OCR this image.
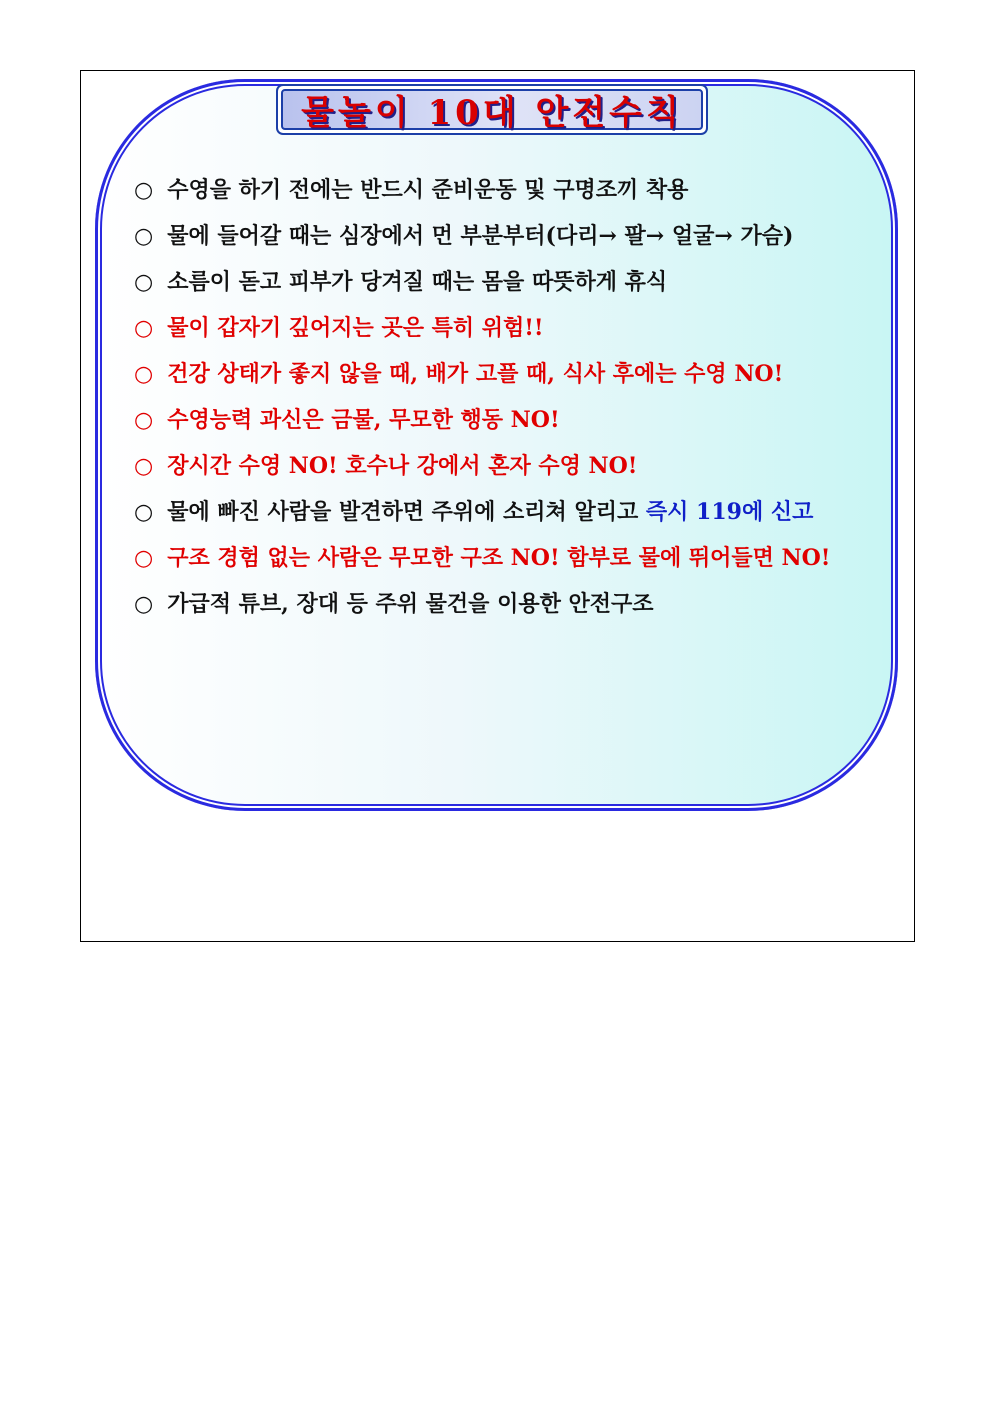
물놀이 10대 안전수칙
○ 수영을 하기 전에는 반드시 준비운동 및 구명조끼 착용
○ 물에 들어갈 때는 심장에서 먼 부분부터(다리→ 팔→ 얼굴→ 가슴)
○ 소름이 돋고 피부가 당겨질 때는 몸을 따뜻하게 휴식
○ 물이 갑자기 깊어지는 곳은 특히 위험!!
○ 건강 상태가 좋지 않을 때, 배가 고플 때, 식사 후에는 수영 NO!
○ 수영능력 과신은 금물, 무모한 행동 NO!
○ 장시간 수영 NO! 호수나 강에서 혼자 수영 NO!
○ 물에 빠진 사람을 발견하면 주위에 소리쳐 알리고 즉시 119에 신고
○ 구조 경험 없는 사람은 무모한 구조 NO! 함부로 물에 뛰어들면 NO!
○ 가급적 튜브, 장대 등 주위 물건을 이용한 안전구조
